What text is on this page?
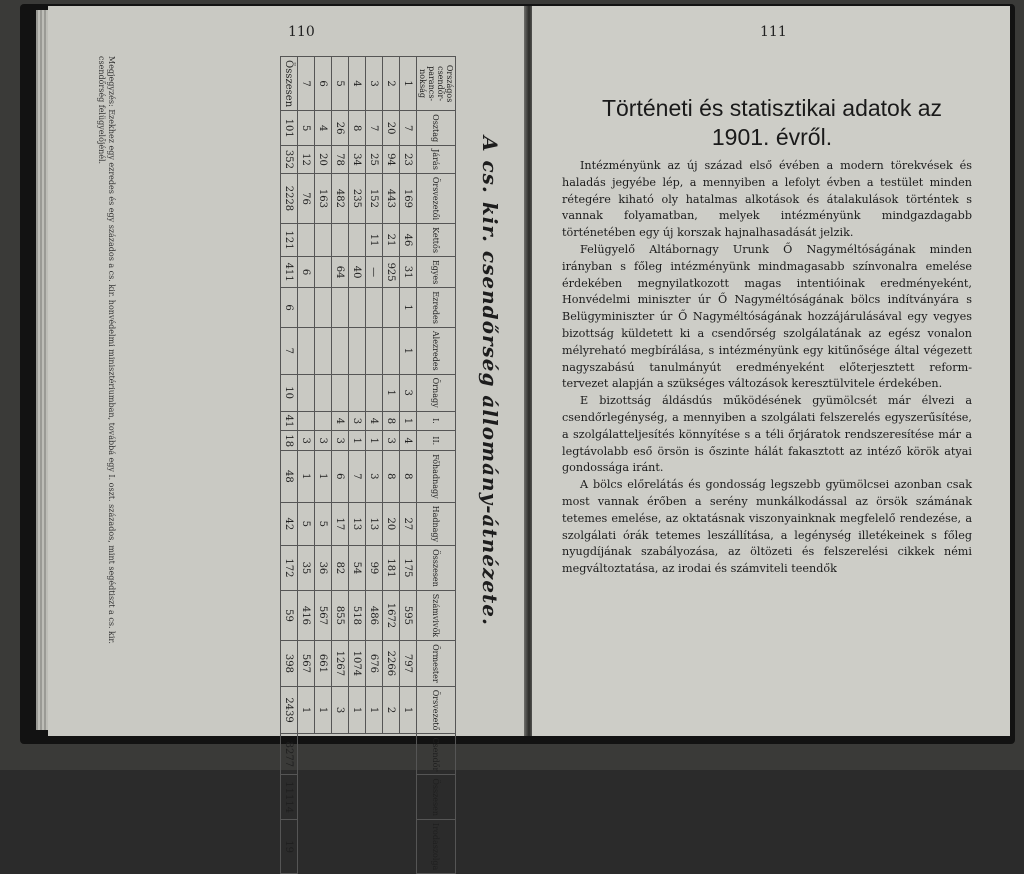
110
A cs. kir. csendőrség állomány-átnézete.
Országos csendőr-parancs-nokság	Osztag	Járás	Örsvezetői	Kettős	Egyes	Ezredes	Alezredes	Őrnagy	I.	II.	Főhadnagy	Hadnagy	Összesen	Számvivők	Őrmester	Őrsvezető	Csendőr	Összesen	Irodaszolga
1	7	23	169	46	31	1	1	3	1	4	8	27	175	595	797	1			
2	20	94	443	21	925			1	8	3	8	20	181	1672	2266	2			
3	7	25	152	11	—				4	1	3	13	99	486	676	1			
4	8	34	235		40				3	1	7	13	54	518	1074	1			
5	26	78	482		64				4	3	6	17	82	855	1267	3			
6	4	20	163							3	1	5	36	567	661	1			
7	5	12	76		6					3	1	5	35	416	567	1			
Összesen	101	352	2228	121	411	6	7	10	41	18	48	42	172	59	398	2439	8277	11114	19
Megjegyzés: Ezekhez egy ezredes és egy százados a cs. kir. honvédelmi minisztériumban, továbbá egy I. oszt. százados, mint segédtiszt a cs. kir. csendőrség felügyelőjénél.
111
Történeti és statisztikai adatok az
1901. évről.

Intézményünk az új század első évében a modern törekvések és haladás jegyébe lép, a mennyiben a lefolyt évben a testület minden rétegére kiható oly hatalmas alkotások és átalakulások történtek s vannak folyamatban, melyek intézményünk mindgazdagabb történetében egy új korszak hajnalhasadását jelzik.

Felügyelő Altábornagy Urunk Ő Nagyméltóságának minden irányban s főleg intézményünk mindmagasabb színvonalra emelése érdekében megnyilatkozott magas intentióinak eredményeként, Honvédelmi miniszter úr Ő Nagyméltóságának bölcs indítványára s Belügyminiszter úr Ő Nagyméltóságának hozzájárulásával egy vegyes bizottság küldetett ki a csendőrség szolgálatának az egész vonalon mélyreható megbírálása, s intézményünk egy kitűnősége által végezett nagyszabású tanulmányút eredményeként előterjesztett reform-tervezet alapján a szükséges változások keresztülvitele érdekében.

E bizottság áldásdús működésének gyümölcsét már élvezi a csendőrlegénység, a mennyiben a szolgálati felszerelés egyszerűsítése, a szolgálatteljesítés könnyítése s a téli őrjáratok rendszeresítése már a legtávolabb eső örsön is őszinte hálát fakasztott az intéző körök atyai gondossága iránt.

A bölcs előrelátás és gondosság legszebb gyümölcsei azonban csak most vannak érőben a serény munkálkodással az örsök számának tetemes emelése, az oktatásnak viszonyainknak megfelelő rendezése, a szolgálati órák tetemes leszállítása, a legénység illetékeinek s főleg nyugdíjának szabályozása, az öltözeti és felszerelési cikkek némi megváltoztatása, az irodai és számviteli teendők
